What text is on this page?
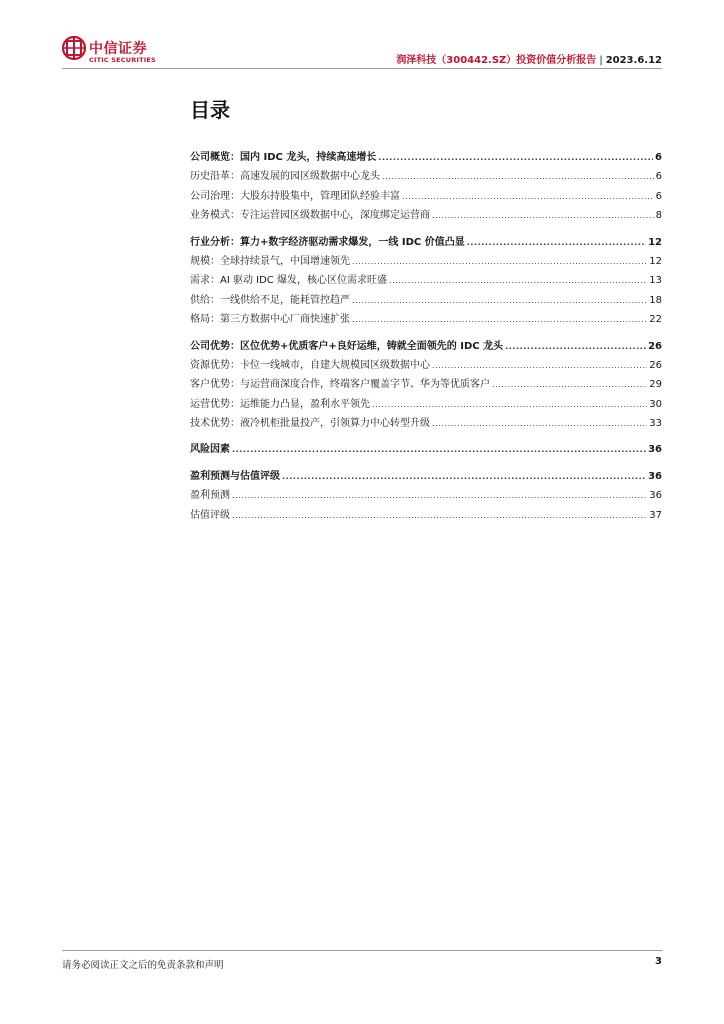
中信证券
CITIC SECURITIES	润泽科技（300442.SZ）投资价值分析报告 | 2023.6.12
目录
公司概览：国内 IDC 龙头，持续高速增长 .....	6
历史沿革：高速发展的园区级数据中心龙头 .....	6
公司治理：大股东持股集中，管理团队经验丰富 .....	6
业务模式：专注运营园区级数据中心，深度绑定运营商 .....	8
行业分析：算力+数字经济驱动需求爆发，一线 IDC 价值凸显 .....	12
规模：全球持续景气，中国增速领先 .....	12
需求：AI 驱动 IDC 爆发，核心区位需求旺盛 .....	13
供给：一线供给不足，能耗管控趋严 .....	18
格局：第三方数据中心厂商快速扩张 .....	22
公司优势：区位优势+优质客户+良好运维，铸就全面领先的 IDC 龙头 .....	26
资源优势：卡位一线城市，自建大规模园区级数据中心 .....	26
客户优势：与运营商深度合作，终端客户覆盖字节、华为等优质客户 .....	29
运营优势：运维能力凸显，盈利水平领先 .....	30
技术优势：液冷机柜批量投产，引领算力中心转型升级 .....	33
风险因素 .....	36
盈利预测与估值评级 .....	36
盈利预测 .....	36
估值评级 .....	37
请务必阅读正文之后的免责条款和声明	3
